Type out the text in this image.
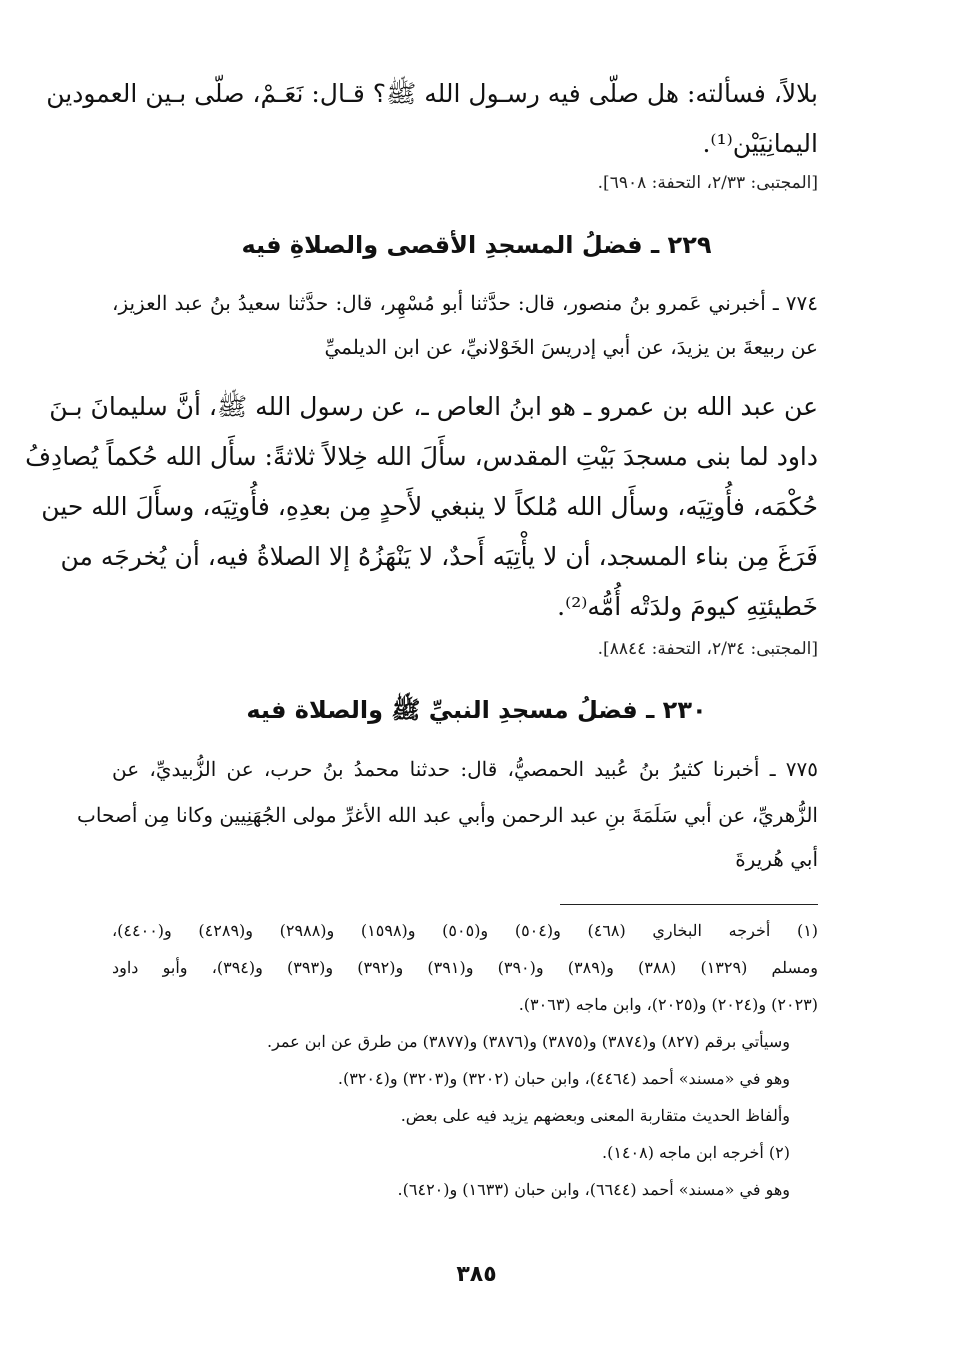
بلالاً، فسألته: هل صلّى فيه رسـول الله ﷺ؟ قـال: نَعَـمْ، صلّى بـين العمودين
اليمانِيَيْن⁽¹⁾.
[المجتبى: ٢/٣٣، التحفة: ٦٩٠٨].
٢٢٩ ـ فضلُ المسجدِ الأقصى والصلاةِ فيه
٧٧٤ ـ أخبرني عَمرو بنُ منصور، قال: حدَّثنا أبو مُسْهِر، قال: حدَّثنا سعيدُ بنُ عبد العزيز،
عن ربيعةَ بن يزيدَ، عن أبي إدريسَ الخَوْلانيِّ، عن ابن الديلميِّ
عن عبد الله بن عمرو ـ هو ابنُ العاص ـ، عن رسول الله ﷺ، أنَّ سليمانَ بـنَ
داود لما بنى مسجدَ بَيْتِ المقدس، سأَلَ الله خِلالاً ثلاثةً: سأَل الله حُكماً يُصادِفُ
حُكْمَه، فأُوتِيَه، وسأَل الله مُلكاً لا ينبغي لأَحدٍ مِن بعدِهِ، فأُوتِيَه، وسأَلَ الله حين
فَرَغَ مِن بناء المسجد، أن لا يأْتِيَه أَحدٌ، لا يَنْهَزُهُ إلا الصلاةُ فيه، أن يُخرجَه من
خَطيئتِهِ كيومَ ولدَتْه أُمُّه⁽²⁾.
[المجتبى: ٢/٣٤، التحفة: ٨٨٤٤].
٢٣٠ ـ فضلُ مسجدِ النبيِّ ﷺ والصلاة فيه
٧٧٥ ـ أخبرنا كثيرُ بنُ عُبيد الحمصيُّ، قال: حدثنا محمدُ بنُ حرب، عن الزُّبيديِّ، عن
الزُّهريِّ، عن أبي سَلَمَةَ بنِ عبد الرحمن وأبي عبد الله الأغرِّ مولى الجُهَنِيين وكانا مِن أصحاب
أبي هُريرةَ
(١) أخرجه البخاري (٤٦٨) و(٥٠٤) و(٥٠٥) و(١٥٩٨) و(٢٩٨٨) و(٤٢٨٩) و(٤٤٠٠)،
ومسلم (١٣٢٩) (٣٨٨) و(٣٨٩) و(٣٩٠) و(٣٩١) و(٣٩٢) و(٣٩٣) و(٣٩٤)، وأبو داود
(٢٠٢٣) و(٢٠٢٤) و(٢٠٢٥)، وابن ماجه (٣٠٦٣).
وسيأتي برقم (٨٢٧) و(٣٨٧٤) و(٣٨٧٥) و(٣٨٧٦) و(٣٨٧٧) من طرق عن ابن عمر.
وهو في «مسند» أحمد (٤٤٦٤)، وابن حبان (٣٢٠٢) و(٣٢٠٣) و(٣٢٠٤).
وألفاظ الحديث متقاربة المعنى وبعضهم يزيد فيه على بعض.
(٢) أخرجه ابن ماجه (١٤٠٨).
وهو في «مسند» أحمد (٦٦٤٤)، وابن حبان (١٦٣٣) و(٦٤٢٠).
٣٨٥
